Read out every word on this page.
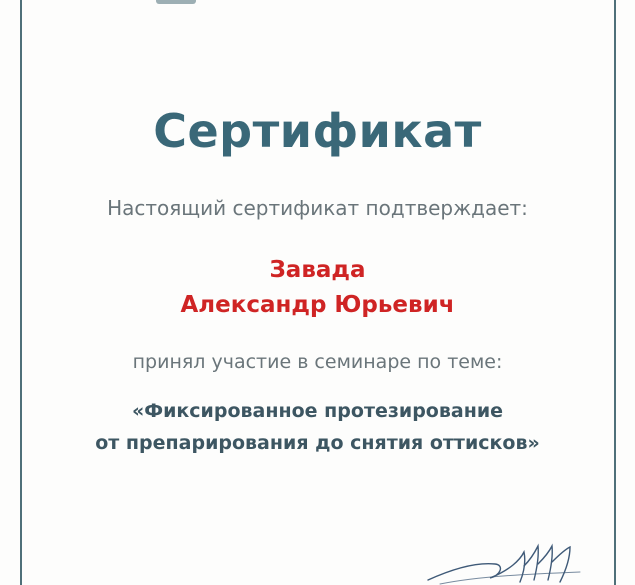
Сертификат
Настоящий сертификат подтверждает:
Завада
Александр Юрьевич
принял участие в семинаре по теме:
«Фиксированное протезирование
от препарирования до снятия оттисков»
